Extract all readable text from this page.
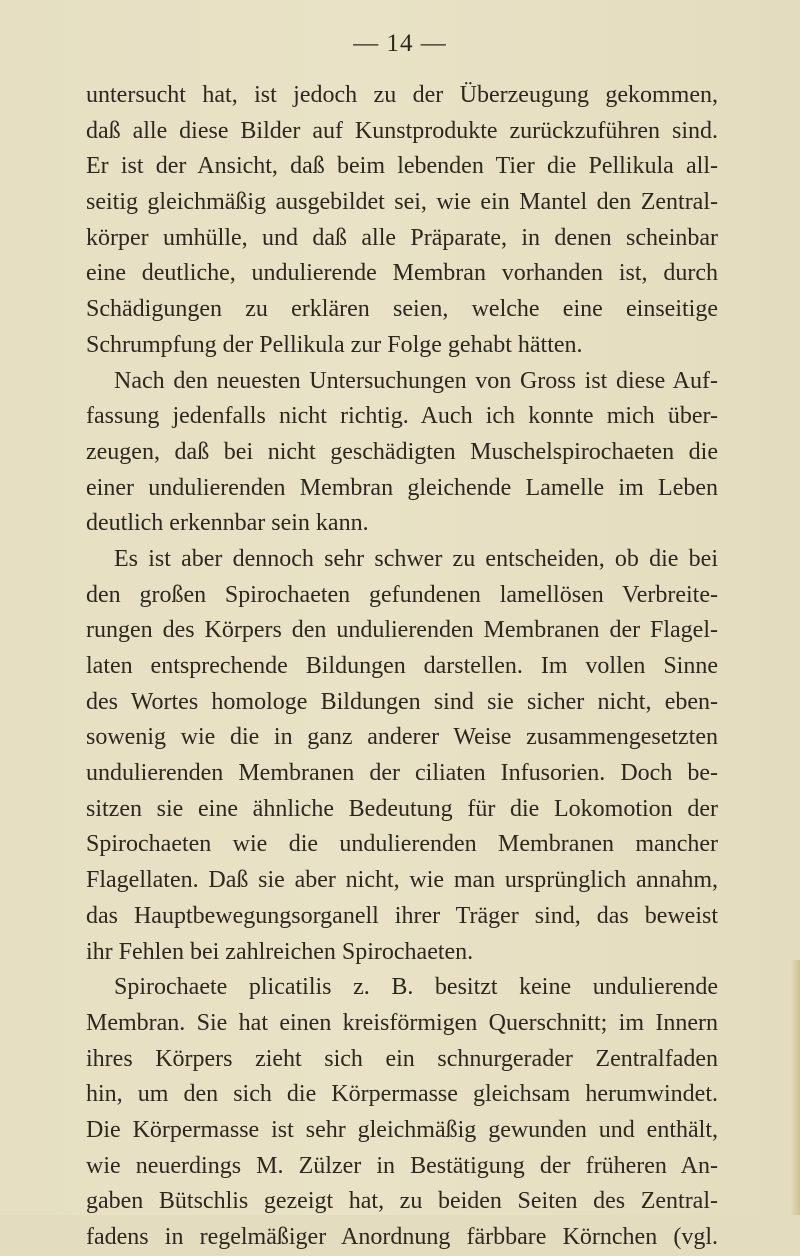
— 14 —
untersucht hat, ist jedoch zu der Überzeugung gekommen,
daß alle diese Bilder auf Kunstprodukte zurückzuführen sind.
Er ist der Ansicht, daß beim lebenden Tier die Pellikula all-
seitig gleichmäßig ausgebildet sei, wie ein Mantel den Zentral-
körper umhülle, und daß alle Präparate, in denen scheinbar
eine deutliche, undulierende Membran vorhanden ist, durch
Schädigungen zu erklären seien, welche eine einseitige
Schrumpfung der Pellikula zur Folge gehabt hätten.
Nach den neuesten Untersuchungen von Gross ist diese Auf-
fassung jedenfalls nicht richtig. Auch ich konnte mich über-
zeugen, daß bei nicht geschädigten Muschelspirochaeten die
einer undulierenden Membran gleichende Lamelle im Leben
deutlich erkennbar sein kann.
Es ist aber dennoch sehr schwer zu entscheiden, ob die bei
den großen Spirochaeten gefundenen lamellösen Verbreite-
rungen des Körpers den undulierenden Membranen der Flagel-
laten entsprechende Bildungen darstellen. Im vollen Sinne
des Wortes homologe Bildungen sind sie sicher nicht, eben-
sowenig wie die in ganz anderer Weise zusammengesetzten
undulierenden Membranen der ciliaten Infusorien. Doch be-
sitzen sie eine ähnliche Bedeutung für die Lokomotion der
Spirochaeten wie die undulierenden Membranen mancher
Flagellaten. Daß sie aber nicht, wie man ursprünglich annahm,
das Hauptbewegungsorganell ihrer Träger sind, das beweist
ihr Fehlen bei zahlreichen Spirochaeten.
Spirochaete plicatilis z. B. besitzt keine undulierende
Membran. Sie hat einen kreisförmigen Querschnitt; im Innern
ihres Körpers zieht sich ein schnurgerader Zentralfaden
hin, um den sich die Körpermasse gleichsam herumwindet.
Die Körpermasse ist sehr gleichmäßig gewunden und enthält,
wie neuerdings M. Zülzer in Bestätigung der früheren An-
gaben Bütschlis gezeigt hat, zu beiden Seiten des Zentral-
fadens in regelmäßiger Anordnung färbbare Körnchen (vgl.
